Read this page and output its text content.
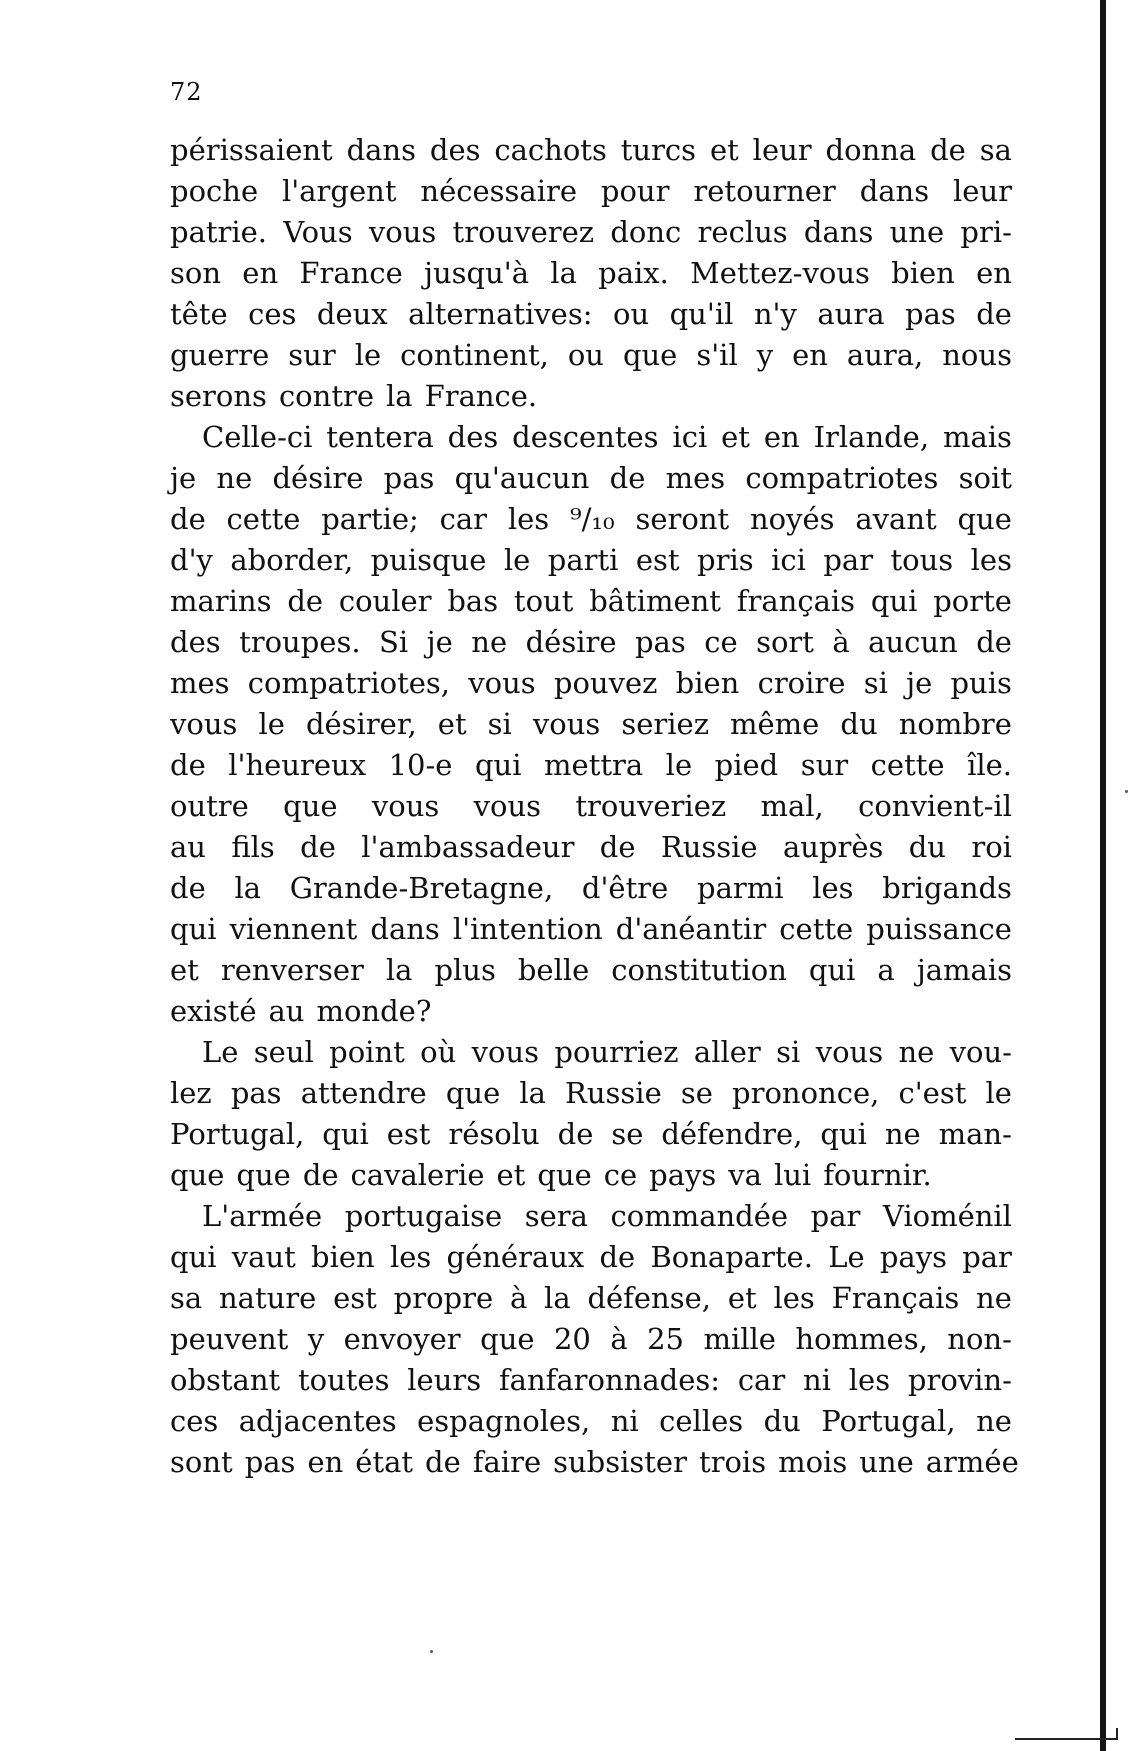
72
périssaient dans des cachots turcs et leur donna de sa
poche l'argent nécessaire pour retourner dans leur
patrie. Vous vous trouverez donc reclus dans une pri-
son en France jusqu'à la paix. Mettez-vous bien en
tête ces deux alternatives: ou qu'il n'y aura pas de
guerre sur le continent, ou que s'il y en aura, nous
serons contre la France.
Celle-ci tentera des descentes ici et en Irlande, mais
je ne désire pas qu'aucun de mes compatriotes soit
de cette partie; car les ⁹/₁₀ seront noyés avant que
d'y aborder, puisque le parti est pris ici par tous les
marins de couler bas tout bâtiment français qui porte
des troupes. Si je ne désire pas ce sort à aucun de
mes compatriotes, vous pouvez bien croire si je puis
vous le désirer, et si vous seriez même du nombre
de l'heureux 10-e qui mettra le pied sur cette île.
outre que vous vous trouveriez mal, convient-il
au fils de l'ambassadeur de Russie auprès du roi
de la Grande-Bretagne, d'être parmi les brigands
qui viennent dans l'intention d'anéantir cette puissance
et renverser la plus belle constitution qui a jamais
existé au monde?
Le seul point où vous pourriez aller si vous ne vou-
lez pas attendre que la Russie se prononce, c'est le
Portugal, qui est résolu de se défendre, qui ne man-
que que de cavalerie et que ce pays va lui fournir.
L'armée portugaise sera commandée par Vioménil
qui vaut bien les généraux de Bonaparte. Le pays par
sa nature est propre à la défense, et les Français ne
peuvent y envoyer que 20 à 25 mille hommes, non-
obstant toutes leurs fanfaronnades: car ni les provin-
ces adjacentes espagnoles, ni celles du Portugal, ne
sont pas en état de faire subsister trois mois une armée
